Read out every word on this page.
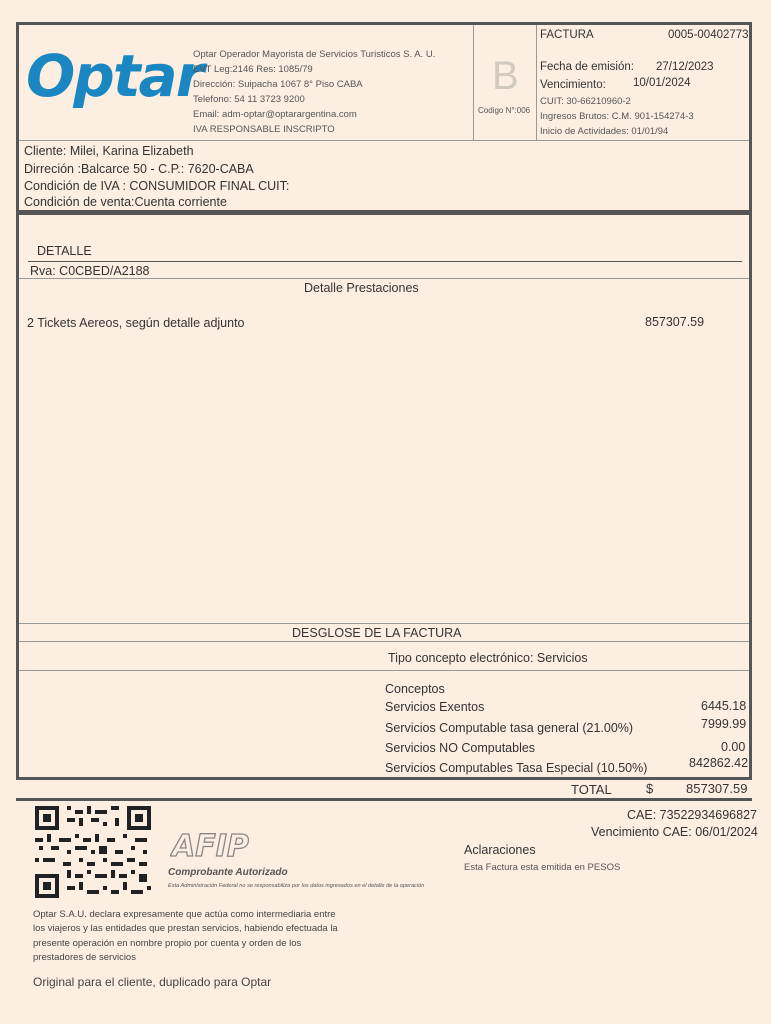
Optar
Optar Operador Mayorista de Servicios Turisticos S. A. U.
EVT Leg:2146 Res: 1085/79
Dirección: Suipacha 1067 8° Piso CABA
Telefono: 54 11 3723 9200
Email: adm-optar@optarargentina.com
IVA RESPONSABLE INSCRIPTO
B
Codigo N°:006
FACTURA	0005-00402773
Fecha de emisión: 27/12/2023
Vencimiento: 10/01/2024
CUIT: 30-66210960-2
Ingresos Brutos: C.M. 901-154274-3
Inicio de Actividades: 01/01/94
Cliente: Milei, Karina Elizabeth
Dirreción :Balcarce 50 - C.P.: 7620-CABA
Condición de IVA : CONSUMIDOR FINAL CUIT:
Condición de venta:Cuenta corriente
DETALLE
Rva: C0CBED/A2188
Detalle Prestaciones
2 Tickets Aereos, según detalle adjunto	857307.59
DESGLOSE DE LA FACTURA
Tipo concepto electrónico: Servicios
Conceptos
Servicios Exentos	6445.18
Servicios Computable tasa general (21.00%)	7999.99
Servicios NO Computables	0.00
Servicios Computables Tasa Especial (10.50%)	842862.42
TOTAL	$	857307.59
CAE: 73522934696827
Vencimiento CAE: 06/01/2024
AFIP
Comprobante Autorizado
Esta Administración Federal no se responsabiliza por los datos ingresados en el detalle de la operación
Aclaraciones
Esta Factura esta emitida en PESOS
Optar S.A.U. declara expresamente que actúa como intermediaria entre
los viajeros y las entidades que prestan servicios, habiendo efectuada la
presente operación en nombre propio por cuenta y orden de los
prestadores de servicios
Original para el cliente, duplicado para Optar
